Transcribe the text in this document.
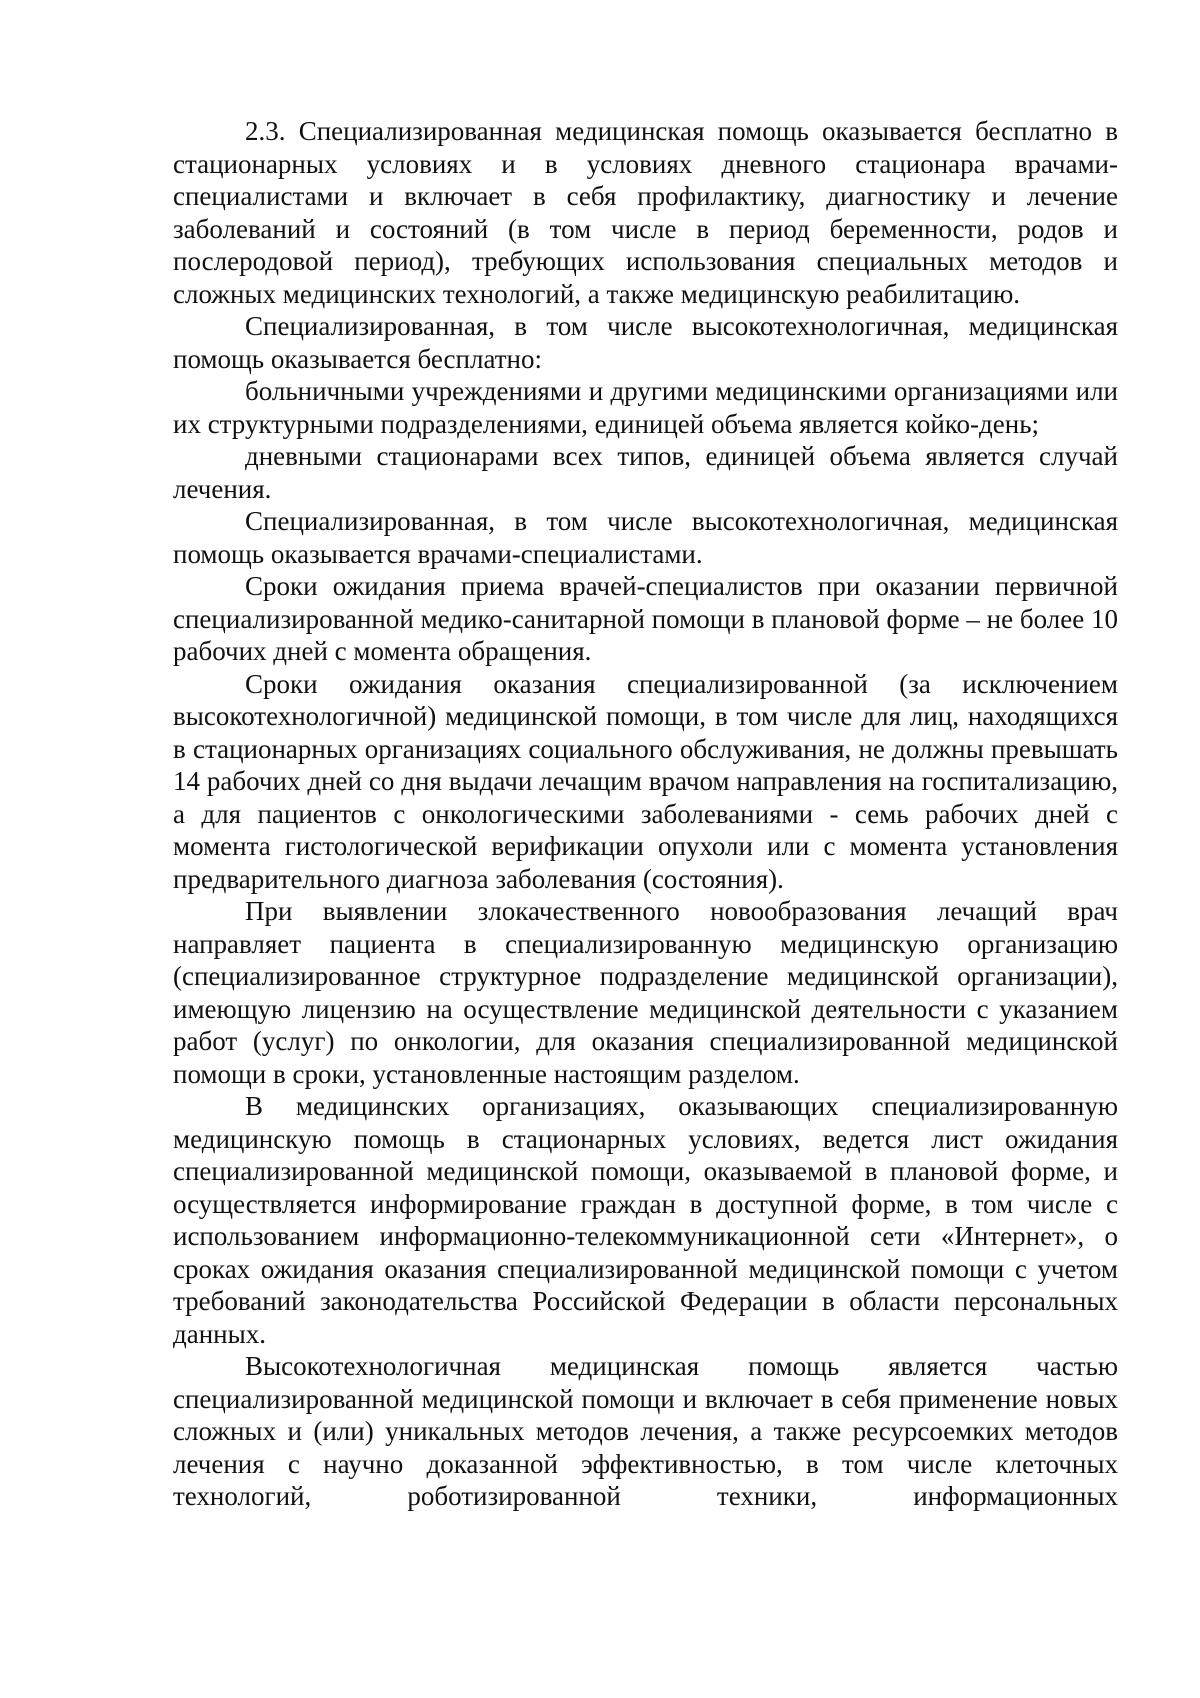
2.3. Специализированная медицинская помощь оказывается бесплатно в стационарных условиях и в условиях дневного стационара врачами-специалистами и включает в себя профилактику, диагностику и лечение заболеваний и состояний (в том числе в период беременности, родов и послеродовой период), требующих использования специальных методов и сложных медицинских технологий, а также медицинскую реабилитацию.

Специализированная, в том числе высокотехнологичная, медицинская помощь оказывается бесплатно:

больничными учреждениями и другими медицинскими организациями или их структурными подразделениями, единицей объема является койко-день;

дневными стационарами всех типов, единицей объема является случай лечения.

Специализированная, в том числе высокотехнологичная, медицинская помощь оказывается врачами-специалистами.

Сроки ожидания приема врачей-специалистов при оказании первичной специализированной медико-санитарной помощи в плановой форме – не более 10 рабочих дней с момента обращения.

Сроки ожидания оказания специализированной (за исключением высокотехнологичной) медицинской помощи, в том числе для лиц, находящихся в стационарных организациях социального обслуживания, не должны превышать 14 рабочих дней со дня выдачи лечащим врачом направления на госпитализацию, а для пациентов с онкологическими заболеваниями - семь рабочих дней с момента гистологической верификации опухоли или с момента установления предварительного диагноза заболевания (состояния).

При выявлении злокачественного новообразования лечащий врач направляет пациента в специализированную медицинскую организацию (специализированное структурное подразделение медицинской организации), имеющую лицензию на осуществление медицинской деятельности с указанием работ (услуг) по онкологии, для оказания специализированной медицинской помощи в сроки, установленные настоящим разделом.

В медицинских организациях, оказывающих специализированную медицинскую помощь в стационарных условиях, ведется лист ожидания специализированной медицинской помощи, оказываемой в плановой форме, и осуществляется информирование граждан в доступной форме, в том числе с использованием информационно-телекоммуникационной сети «Интернет», о сроках ожидания оказания специализированной медицинской помощи с учетом требований законодательства Российской Федерации в области персональных данных.

Высокотехнологичная медицинская помощь является частью специализированной медицинской помощи и включает в себя применение новых сложных и (или) уникальных методов лечения, а также ресурсоемких методов лечения с научно доказанной эффективностью, в том числе клеточных технологий, роботизированной техники, информационных
